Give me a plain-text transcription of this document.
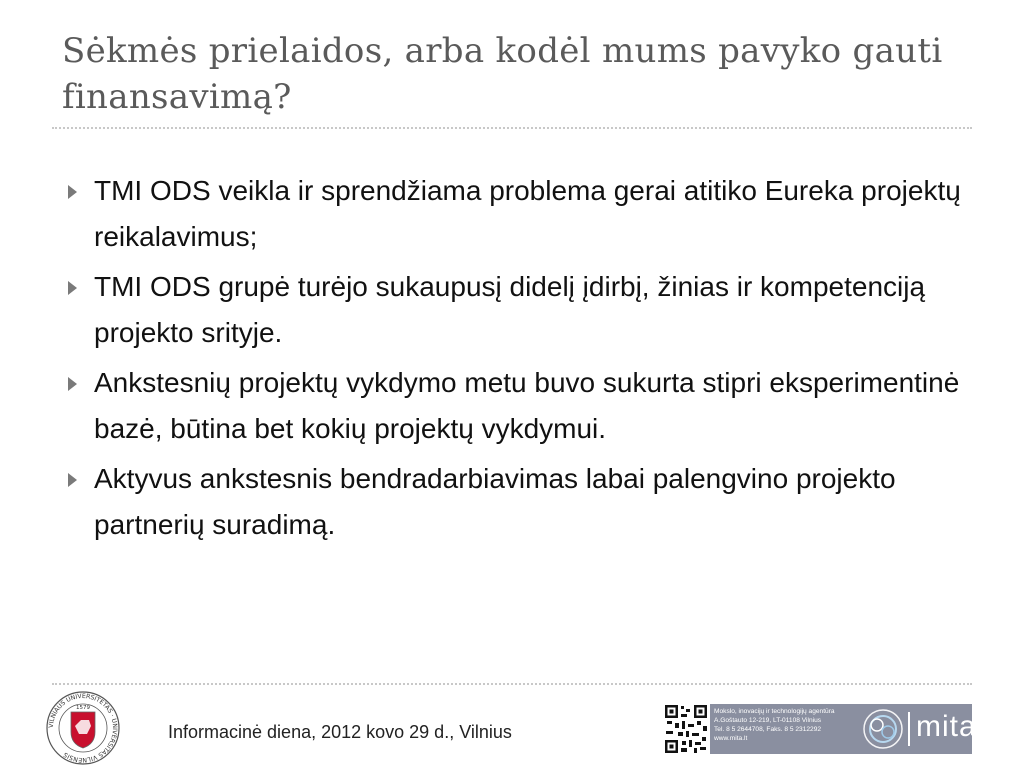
Sėkmės prielaidos, arba kodėl mums pavyko gauti finansavimą?
TMI ODS veikla ir sprendžiama problema gerai atitiko Eureka projektų reikalavimus;
TMI ODS grupė turėjo sukaupusį didelį įdirbį, žinias ir kompetenciją projekto srityje.
Ankstesnių projektų vykdymo metu buvo sukurta stipri eksperimentinė bazė, būtina bet kokių projektų vykdymui.
Aktyvus ankstesnis bendradarbiavimas labai palengvino projekto partnerių suradimą.
VILNIAUS UNIVERSITETAS · UNIVERSITAS VILNENSIS
1579
Informacinė diena, 2012 kovo 29 d., Vilnius

Mokslo, inovacijų ir technologijų agentūra
A.Goštauto 12-219, LT-01108 Vilnius
Tel. 8 5 2644708, Faks. 8 5 2312292
www.mita.lt	mita
